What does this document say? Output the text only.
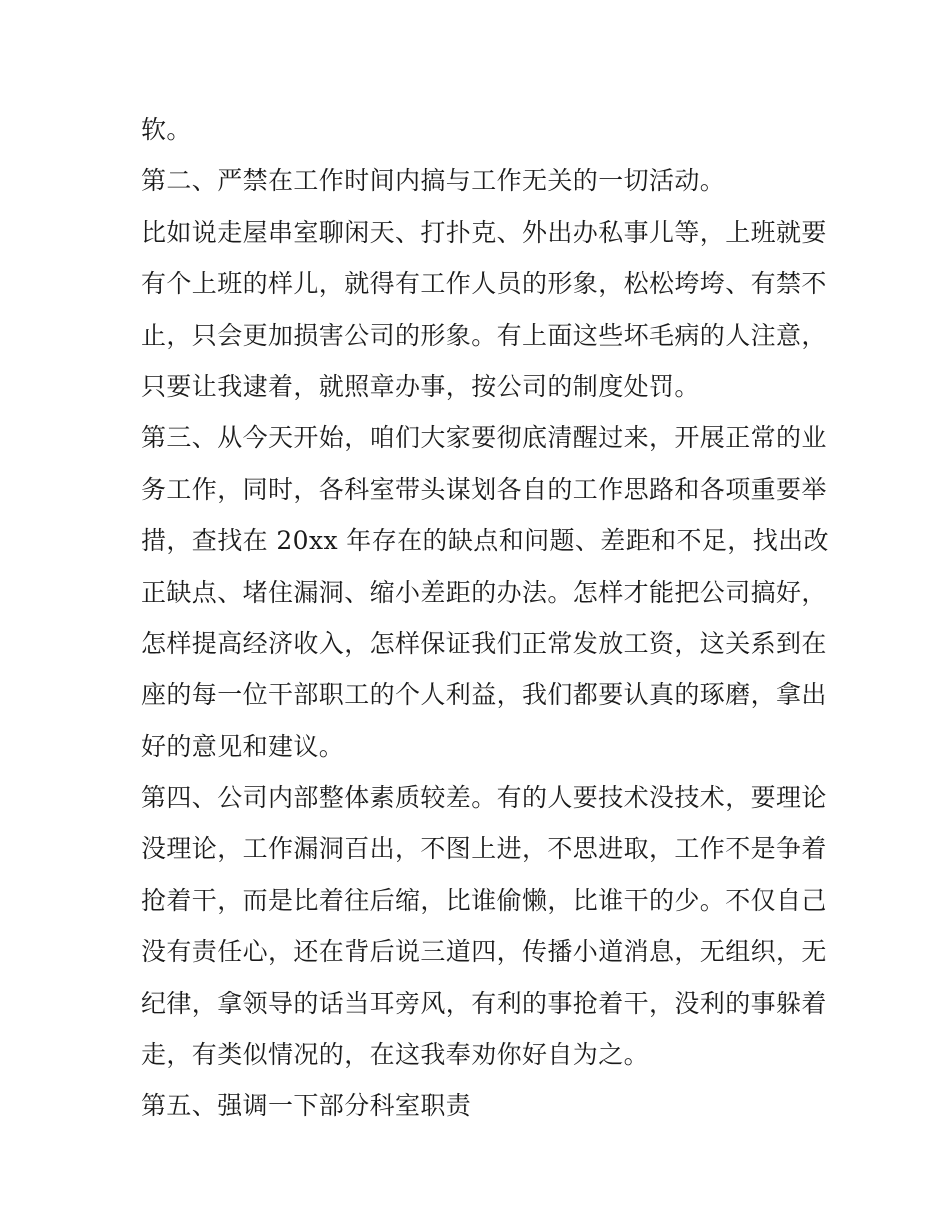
软。
第二、严禁在工作时间内搞与工作无关的一切活动。
比如说走屋串室聊闲天、打扑克、外出办私事儿等，上班就要
有个上班的样儿，就得有工作人员的形象，松松垮垮、有禁不
止，只会更加损害公司的形象。有上面这些坏毛病的人注意，
只要让我逮着，就照章办事，按公司的制度处罚。
第三、从今天开始，咱们大家要彻底清醒过来，开展正常的业
务工作，同时，各科室带头谋划各自的工作思路和各项重要举
措，查找在 20xx 年存在的缺点和问题、差距和不足，找出改
正缺点、堵住漏洞、缩小差距的办法。怎样才能把公司搞好，
怎样提高经济收入，怎样保证我们正常发放工资，这关系到在
座的每一位干部职工的个人利益，我们都要认真的琢磨，拿出
好的意见和建议。
第四、公司内部整体素质较差。有的人要技术没技术，要理论
没理论，工作漏洞百出，不图上进，不思进取，工作不是争着
抢着干，而是比着往后缩，比谁偷懒，比谁干的少。不仅自己
没有责任心，还在背后说三道四，传播小道消息，无组织，无
纪律，拿领导的话当耳旁风，有利的事抢着干，没利的事躲着
走，有类似情况的，在这我奉劝你好自为之。
第五、强调一下部分科室职责
